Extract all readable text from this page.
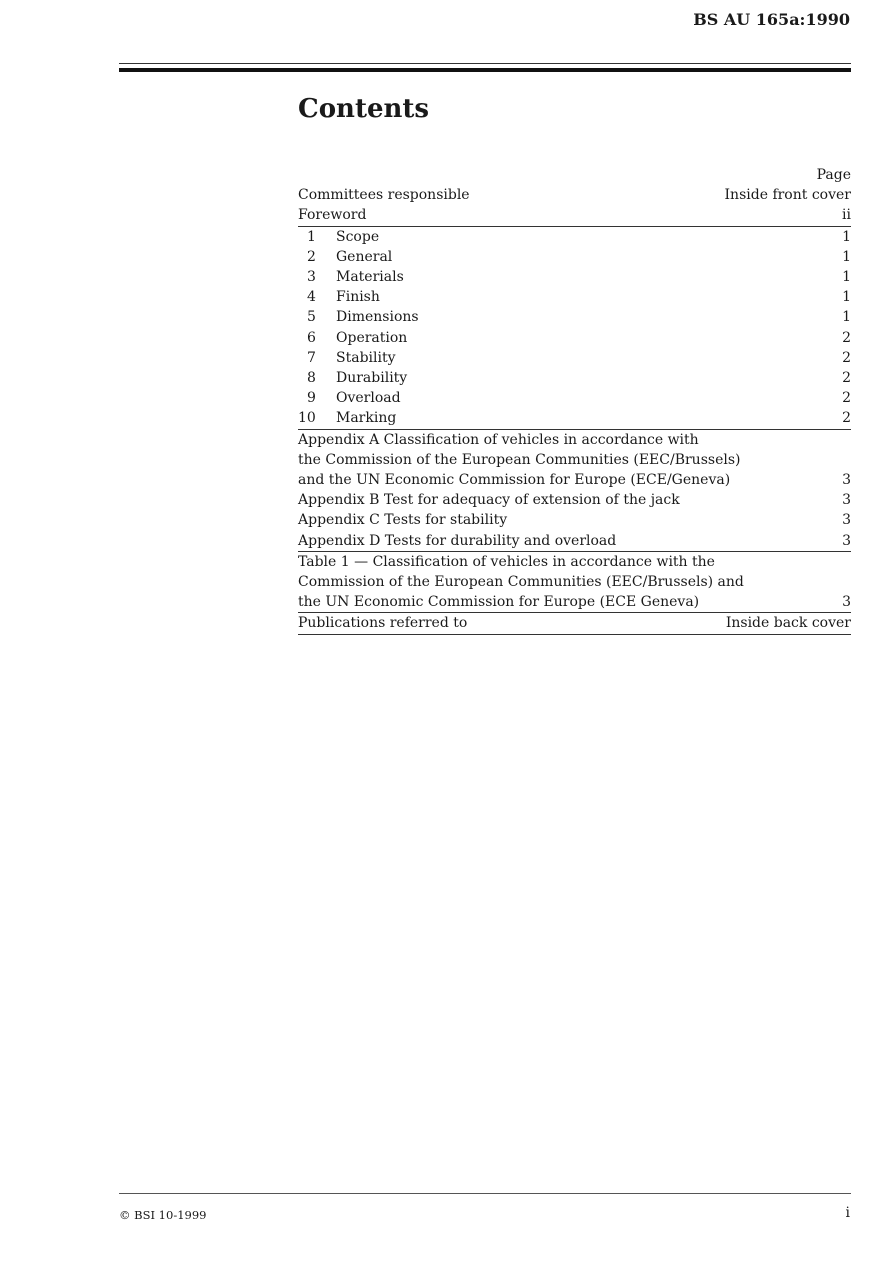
BS AU 165a:1990
Contents
Page
Committees responsible	Inside front cover
Foreword	ii
1 Scope	1
2 General	1
3 Materials	1
4 Finish	1
5 Dimensions	1
6 Operation	2
7 Stability	2
8 Durability	2
9 Overload	2
10 Marking	2
Appendix A Classification of vehicles in accordance with
the Commission of the European Communities (EEC/Brussels)
and the UN Economic Commission for Europe (ECE/Geneva)	3
Appendix B Test for adequacy of extension of the jack	3
Appendix C Tests for stability	3
Appendix D Tests for durability and overload	3
Table 1 — Classification of vehicles in accordance with the
Commission of the European Communities (EEC/Brussels) and
the UN Economic Commission for Europe (ECE Geneva)	3
Publications referred to	Inside back cover
© BSI 10-1999	i
